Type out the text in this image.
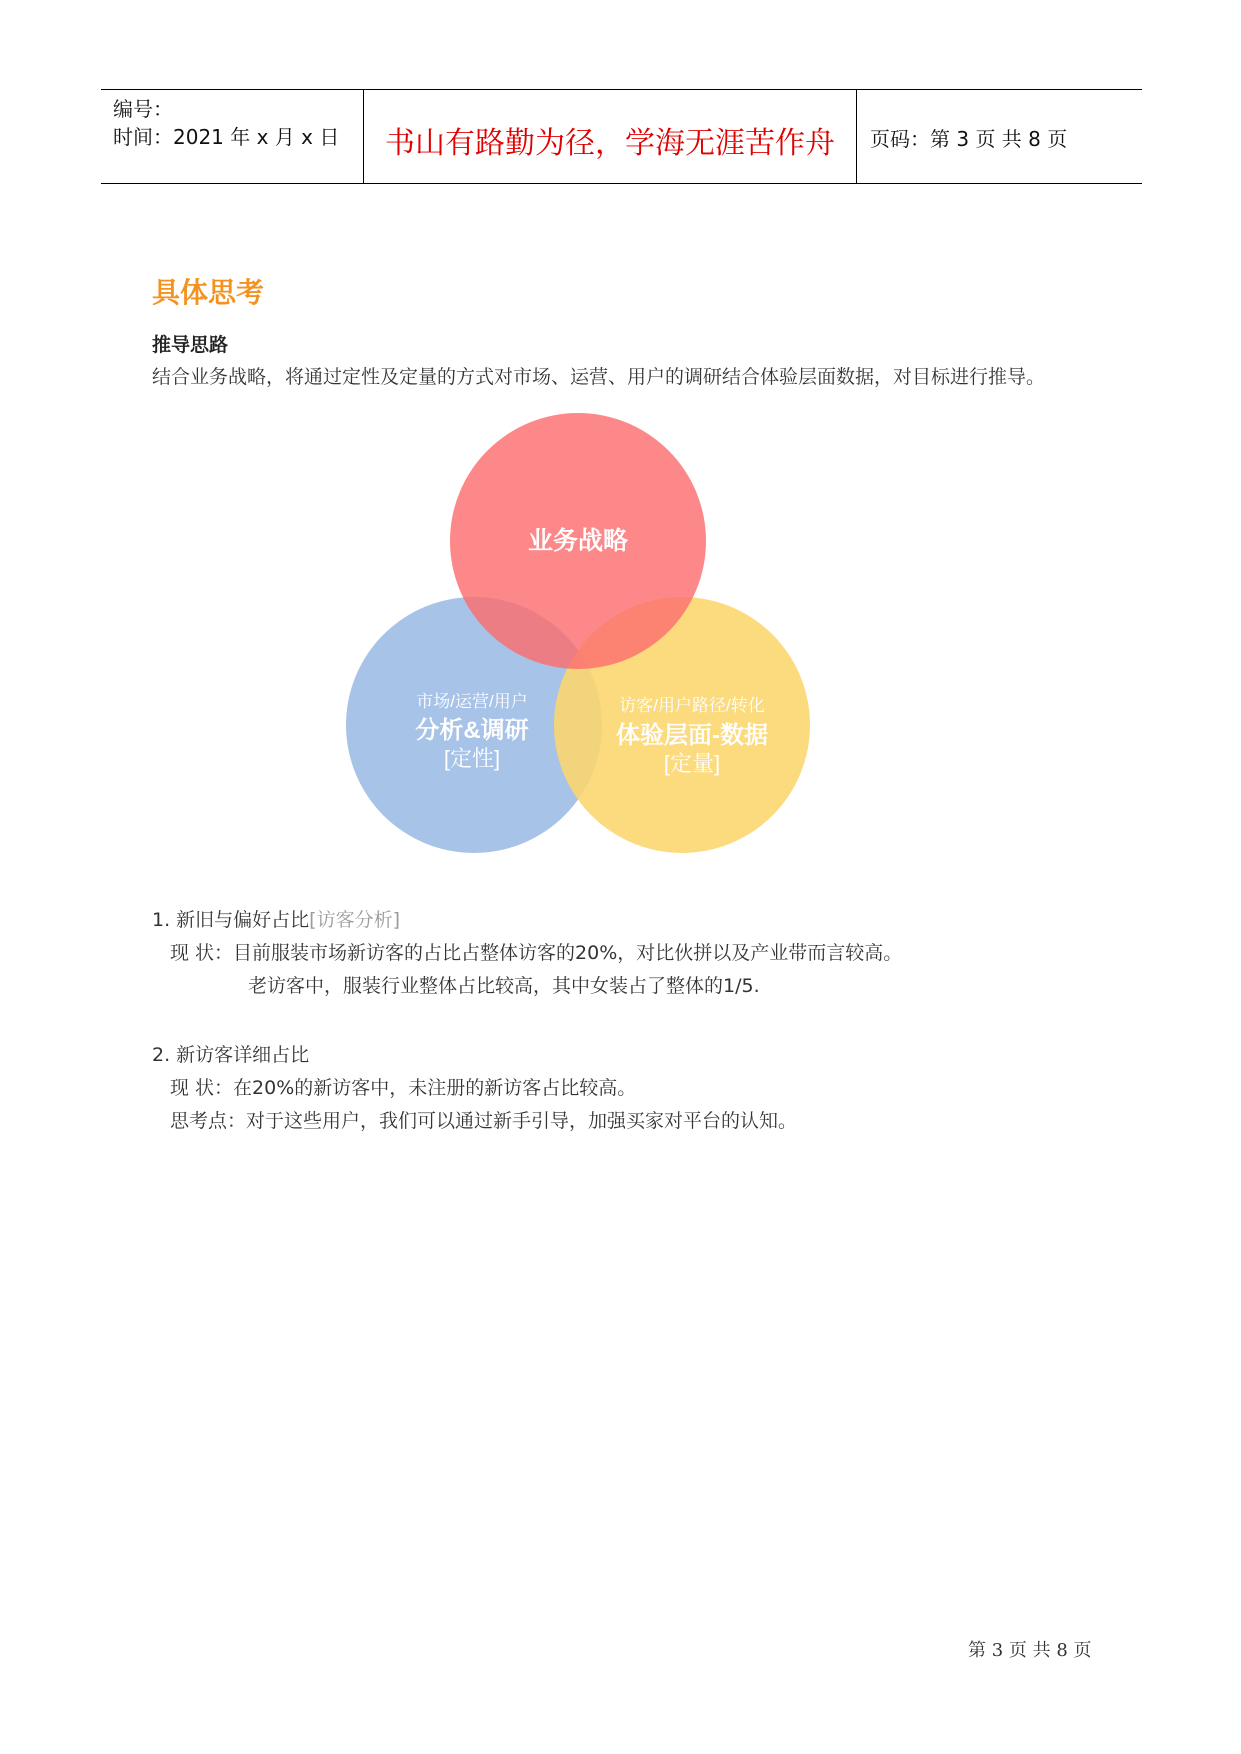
编号：
时间：2021 年 x 月 x 日	书山有路勤为径，学海无涯苦作舟	页码：第 3 页 共 8 页
具体思考
推导思路
结合业务战略，将通过定性及定量的方式对市场、运营、用户的调研结合体验层面数据，对目标进行推导。
业务战略
市场/运营/用户
分析&调研
[定性]
访客/用户路径/转化
体验层面-数据
[定量]
1. 新旧与偏好占比[访客分析]
现 状：目前服装市场新访客的占比占整体访客的20%，对比伙拼以及产业带而言较高。
老访客中，服装行业整体占比较高，其中女装占了整体的1/5.
2. 新访客详细占比
现 状：在20%的新访客中，未注册的新访客占比较高。
思考点：对于这些用户，我们可以通过新手引导，加强买家对平台的认知。
第 3 页 共 8 页
